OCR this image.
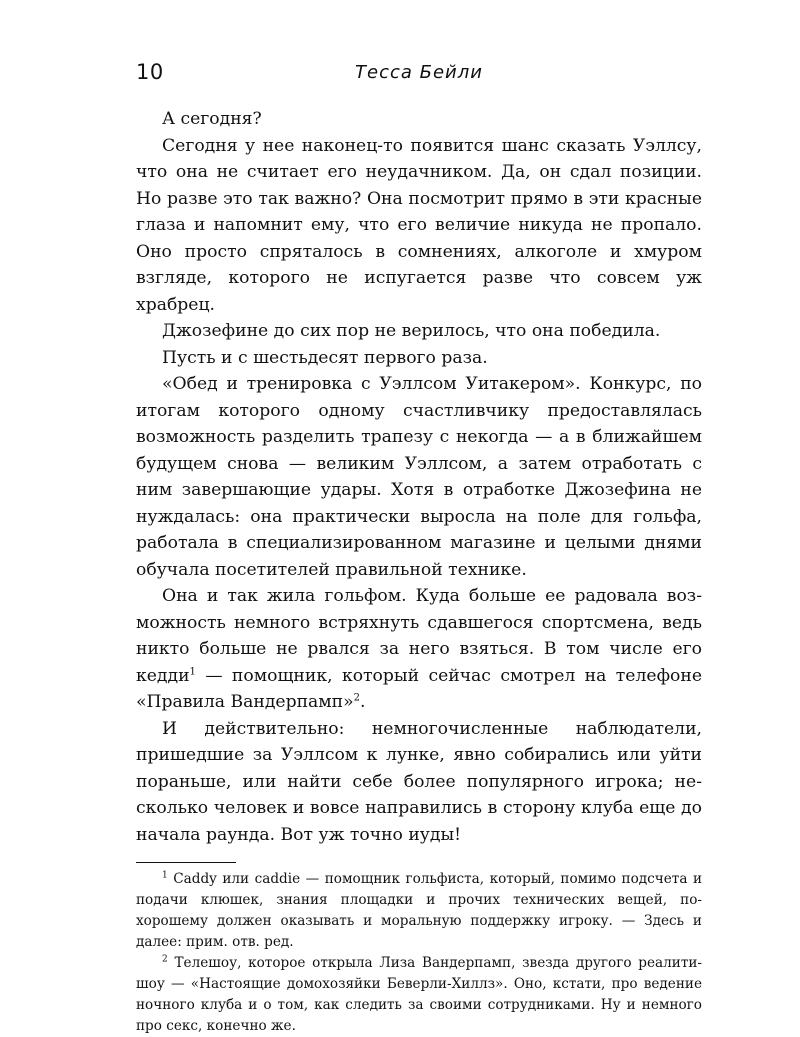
10	Тесса Бейли

А сегодня?

Сегодня у нее наконец-то появится шанс сказать Уэллсу, что она не считает его неудачником. Да, он сдал позиции. Но разве это так важно? Она посмотрит прямо в эти красные глаза и напомнит ему, что его величие никуда не пропало. Оно просто спряталось в сомнениях, алкоголе и хмуром взгляде, которого не испугается разве что совсем уж храбрец.

Джозефине до сих пор не верилось, что она победила.

Пусть и с шестьдесят первого раза.

«Обед и тренировка с Уэллсом Уитакером». Конкурс, по итогам которого одному счастливчику предоставлялась возможность разделить трапезу с некогда — а в ближайшем будущем снова — великим Уэллсом, а затем отработать с ним завершающие удары. Хотя в отработке Джозефина не нуждалась: она практически выросла на поле для гольфа, работала в специализированном магазине и целыми днями обучала посетителей правильной технике.

Она и так жила гольфом. Куда больше ее радовала возможность немного встряхнуть сдавшегося спортсмена, ведь никто больше не рвался за него взяться. В том числе его кедди$^1$ — помощник, который сейчас смотрел на телефоне «Правила Вандерпамп»$^2$.

И действительно: немногочисленные наблюдатели, пришедшие за Уэллсом к лунке, явно собирались или уйти пораньше, или найти себе более популярного игрока; несколько человек и вовсе направились в сторону клуба еще до начала раунда. Вот уж точно иуды!

$^1$ Caddy или caddie — помощник гольфиста, который, помимо подсчета и подачи клюшек, знания площадки и прочих технических вещей, по-хорошему должен оказывать и моральную поддержку игроку. — Здесь и далее: прим. отв. ред.

$^2$ Телешоу, которое открыла Лиза Вандерпамп, звезда другого реалити-шоу — «Настоящие домохозяйки Беверли-Хиллз». Оно, кстати, про ведение ночного клуба и о том, как следить за своими сотрудниками. Ну и немного про секс, конечно же.
